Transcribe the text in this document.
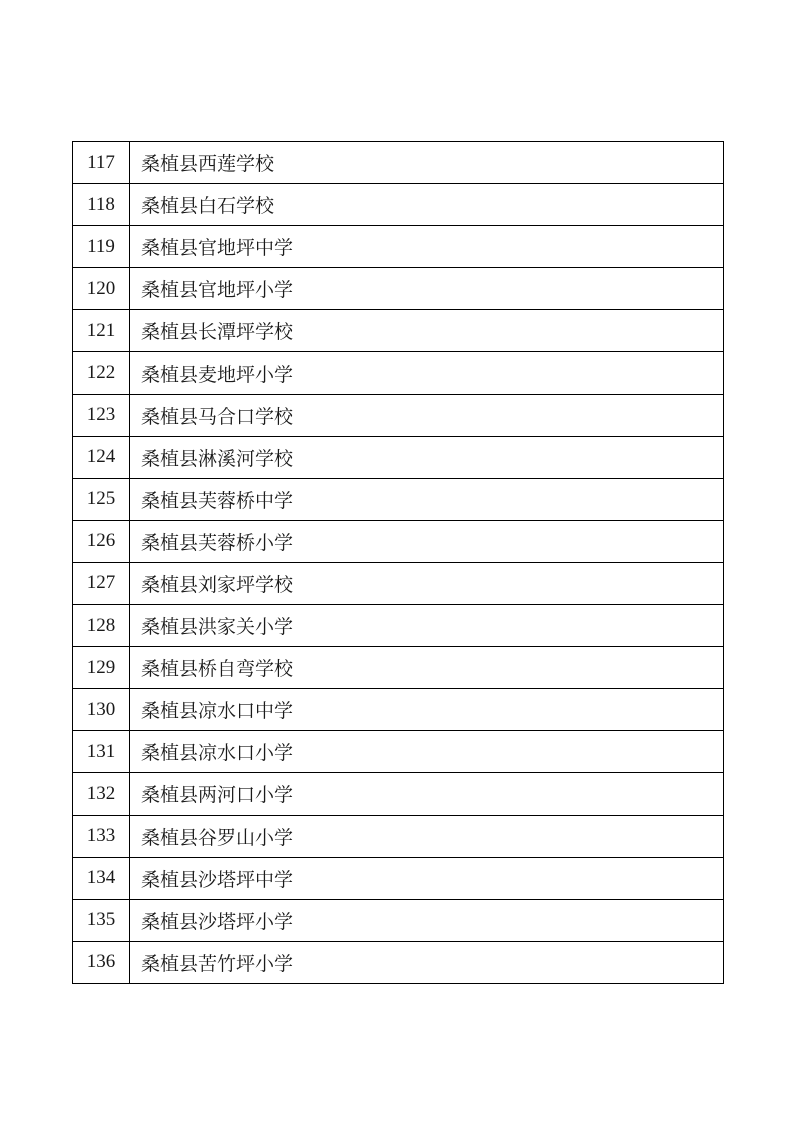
117	桑植县西莲学校
118	桑植县白石学校
119	桑植县官地坪中学
120	桑植县官地坪小学
121	桑植县长潭坪学校
122	桑植县麦地坪小学
123	桑植县马合口学校
124	桑植县淋溪河学校
125	桑植县芙蓉桥中学
126	桑植县芙蓉桥小学
127	桑植县刘家坪学校
128	桑植县洪家关小学
129	桑植县桥自弯学校
130	桑植县凉水口中学
131	桑植县凉水口小学
132	桑植县两河口小学
133	桑植县谷罗山小学
134	桑植县沙塔坪中学
135	桑植县沙塔坪小学
136	桑植县苦竹坪小学
